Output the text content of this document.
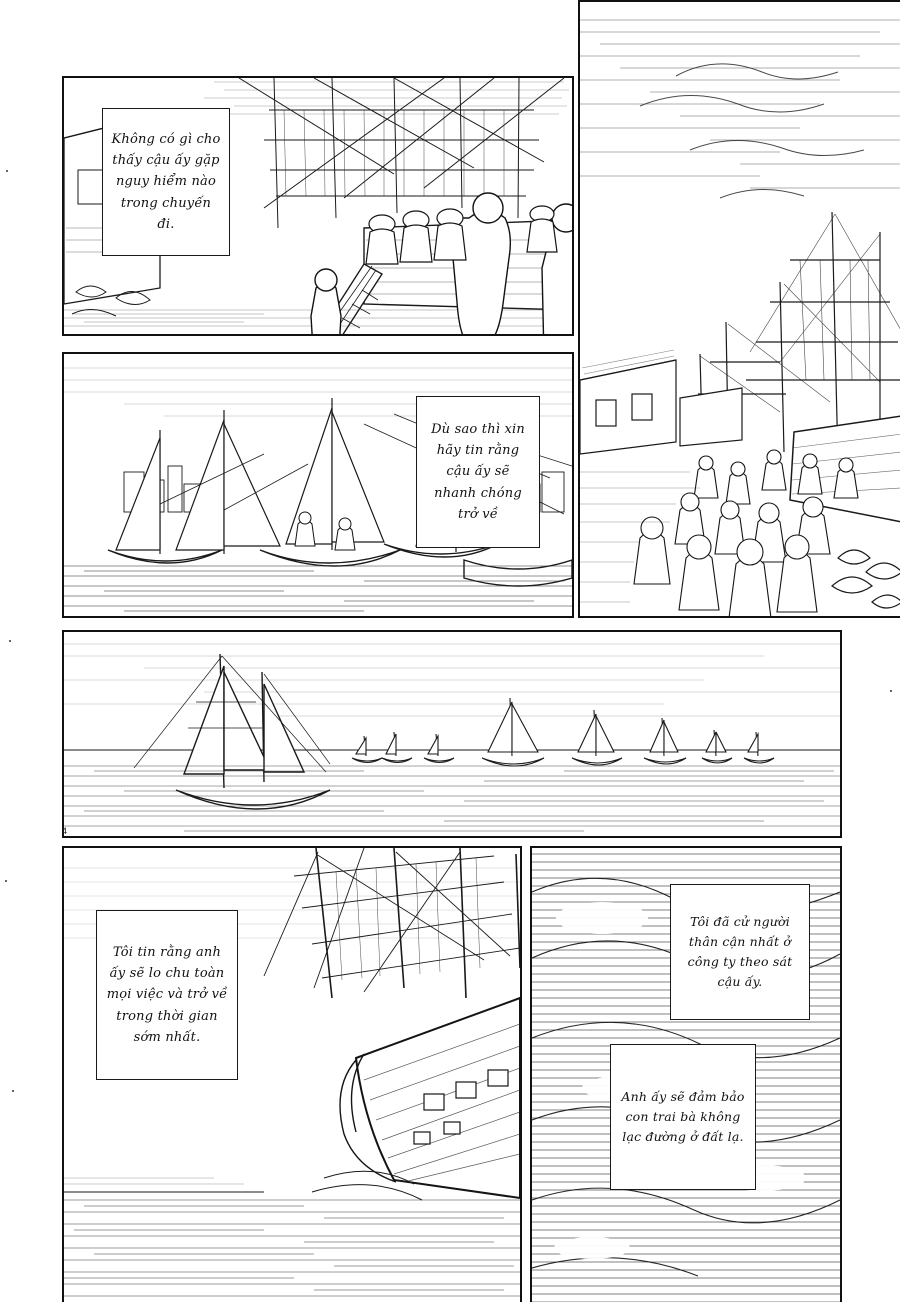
Không có gì cho thấy cậu ấy gặp nguy hiểm nào trong chuyến đi.

Dù sao thì xin hãy tin rằng cậu ấy sẽ nhanh chóng trở về

4

Tôi tin rằng anh ấy sẽ lo chu toàn mọi việc và trở về trong thời gian sớm nhất.

Tôi đã cử người thân cận nhất ở công ty theo sát cậu ấy.

Anh ấy sẽ đảm bảo con trai bà không lạc đường ở đất lạ.
